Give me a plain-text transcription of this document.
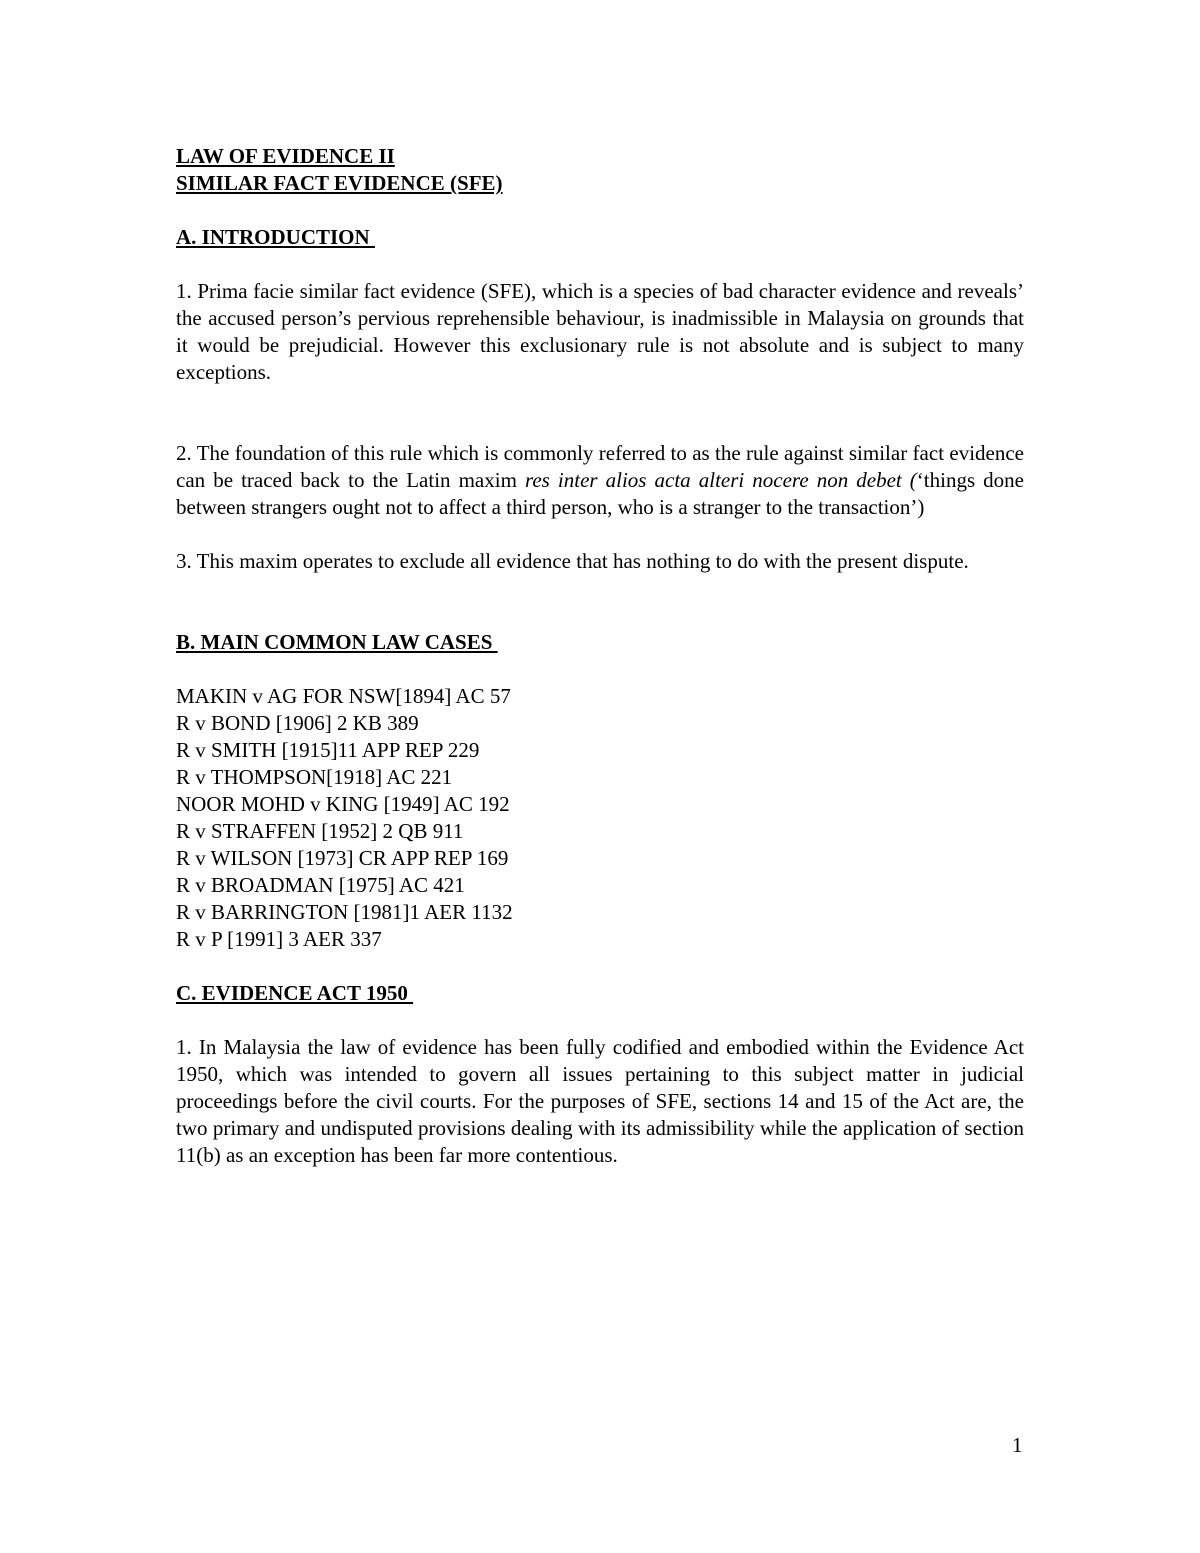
LAW OF EVIDENCE II

SIMILAR FACT EVIDENCE (SFE)

A. INTRODUCTION

1. Prima facie similar fact evidence (SFE), which is a species of bad character evidence and reveals’ the accused person’s pervious reprehensible behaviour, is inadmissible in Malaysia on grounds that it would be prejudicial. However this exclusionary rule is not absolute and is subject to many exceptions.

2. The foundation of this rule which is commonly referred to as the rule against similar fact evidence can be traced back to the Latin maxim res inter alios acta alteri nocere non debet (‘things done between strangers ought not to affect a third person, who is a stranger to the transaction’)

3. This maxim operates to exclude all evidence that has nothing to do with the present dispute.

B. MAIN COMMON LAW CASES

MAKIN v AG FOR NSW[1894] AC 57
R v BOND [1906] 2 KB 389
R v SMITH [1915]11 APP REP 229
R v THOMPSON[1918] AC 221
NOOR MOHD v KING [1949] AC 192
R v STRAFFEN [1952] 2 QB 911
R v WILSON [1973] CR APP REP 169
R v BROADMAN [1975] AC 421
R v BARRINGTON [1981]1 AER 1132
R v P [1991] 3 AER 337

C. EVIDENCE ACT 1950

1. In Malaysia the law of evidence has been fully codified and embodied within the Evidence Act 1950, which was intended to govern all issues pertaining to this subject matter in judicial proceedings before the civil courts. For the purposes of SFE, sections 14 and 15 of the Act are, the two primary and undisputed provisions dealing with its admissibility while the application of section 11(b) as an exception has been far more contentious.

1
